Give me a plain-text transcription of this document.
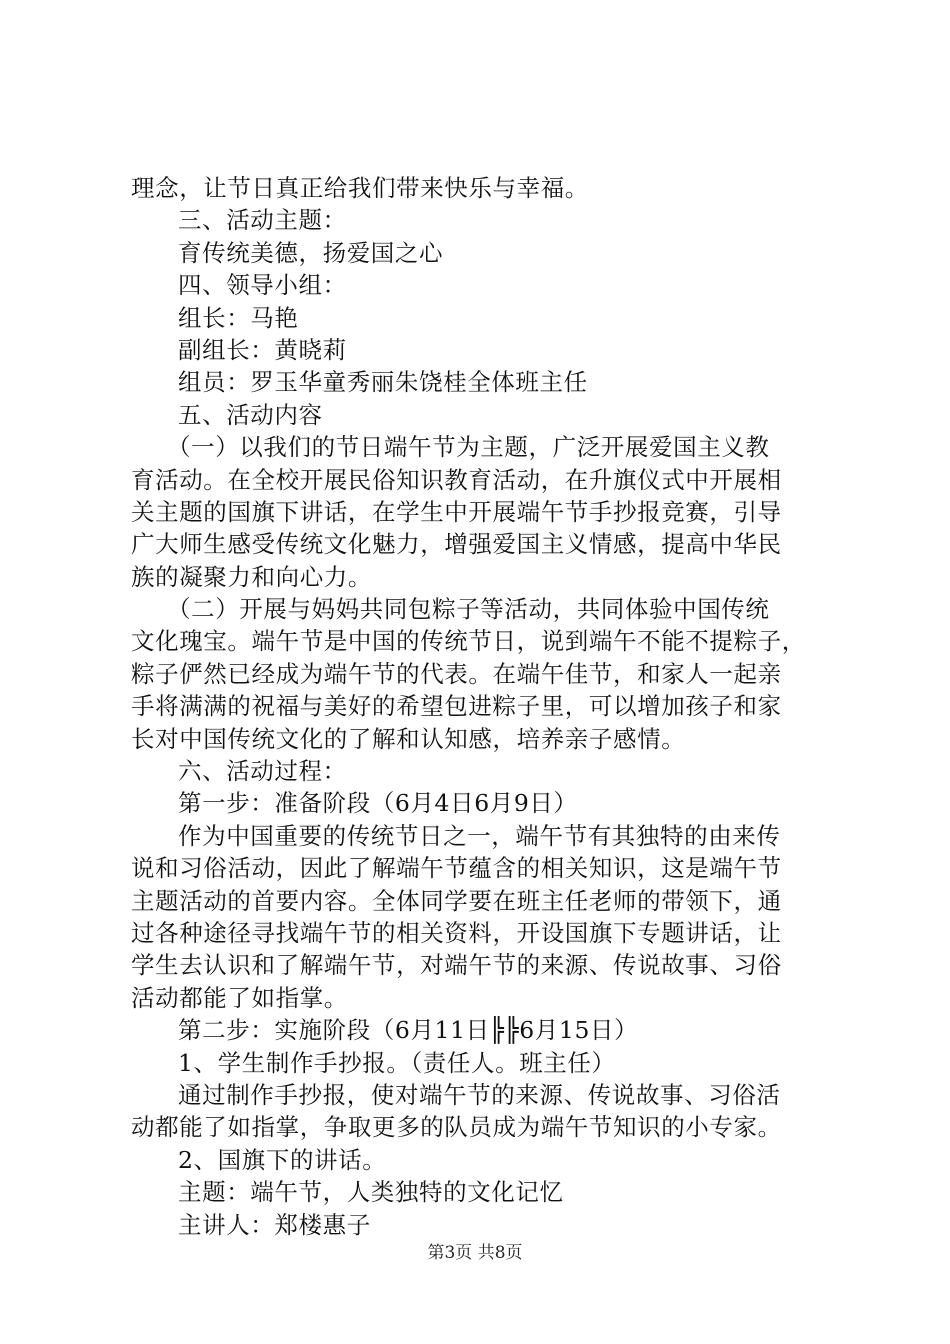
理念，让节日真正给我们带来快乐与幸福。
三、活动主题：
育传统美德，扬爱国之心
四、领导小组：
组长：马艳
副组长：黄晓莉
组员：罗玉华童秀丽朱饶桂全体班主任
五、活动内容
（一）以我们的节日端午节为主题，广泛开展爱国主义教
育活动。在全校开展民俗知识教育活动，在升旗仪式中开展相
关主题的国旗下讲话，在学生中开展端午节手抄报竞赛，引导
广大师生感受传统文化魅力，增强爱国主义情感，提高中华民
族的凝聚力和向心力。
（二）开展与妈妈共同包粽子等活动，共同体验中国传统
文化瑰宝。端午节是中国的传统节日，说到端午不能不提粽子，
粽子俨然已经成为端午节的代表。在端午佳节，和家人一起亲
手将满满的祝福与美好的希望包进粽子里，可以增加孩子和家
长对中国传统文化的了解和认知感，培养亲子感情。
六、活动过程：
第一步：准备阶段（6月4日6月9日）
作为中国重要的传统节日之一，端午节有其独特的由来传
说和习俗活动，因此了解端午节蕴含的相关知识，这是端午节
主题活动的首要内容。全体同学要在班主任老师的带领下，通
过各种途径寻找端午节的相关资料，开设国旗下专题讲话，让
学生去认识和了解端午节，对端午节的来源、传说故事、习俗
活动都能了如指掌。
第二步：实施阶段（6月11日╠╠6月15日）
1、学生制作手抄报。（责任人。班主任）
通过制作手抄报，使对端午节的来源、传说故事、习俗活
动都能了如指掌，争取更多的队员成为端午节知识的小专家。
2、国旗下的讲话。
主题：端午节，人类独特的文化记忆
主讲人：郑楼惠子
第3页 共8页
